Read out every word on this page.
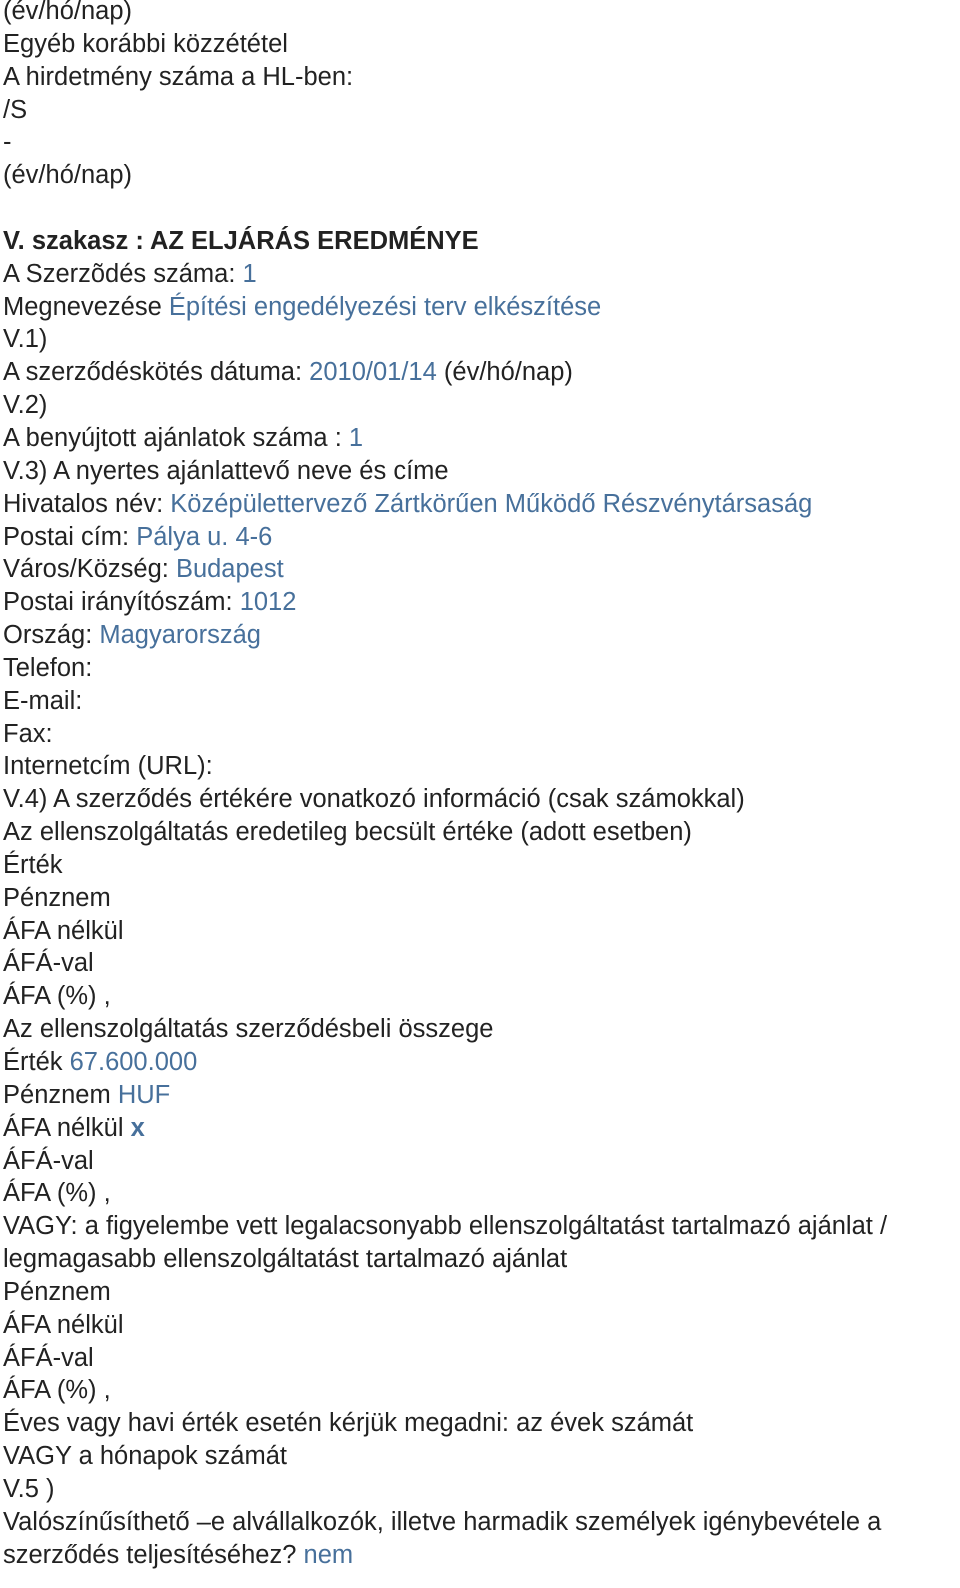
(év/hó/nap)
Egyéb korábbi közzététel
A hirdetmény száma a HL-ben:
/S
-
(év/hó/nap)
V. szakasz : AZ ELJÁRÁS EREDMÉNYE
A Szerzõdés száma: 1
Megnevezése Építési engedélyezési terv elkészítése
V.1)
A szerződéskötés dátuma: 2010/01/14 (év/hó/nap)
V.2)
A benyújtott ajánlatok száma : 1
V.3) A nyertes ajánlattevő neve és címe
Hivatalos név: Középülettervező Zártkörűen Működő Részvénytársaság
Postai cím: Pálya u. 4-6
Város/Község: Budapest
Postai irányítószám: 1012
Ország: Magyarország
Telefon:
E-mail:
Fax:
Internetcím (URL):
V.4) A szerződés értékére vonatkozó információ (csak számokkal)
Az ellenszolgáltatás eredetileg becsült értéke (adott esetben)
Érték
Pénznem
ÁFA nélkül
ÁFÁ-val
ÁFA (%) ,
Az ellenszolgáltatás szerződésbeli összege
Érték 67.600.000
Pénznem HUF
ÁFA nélkül x
ÁFÁ-val
ÁFA (%) ,
VAGY: a figyelembe vett legalacsonyabb ellenszolgáltatást tartalmazó ajánlat / legmagasabb ellenszolgáltatást tartalmazó ajánlat
Pénznem
ÁFA nélkül
ÁFÁ-val
ÁFA (%) ,
Éves vagy havi érték esetén kérjük megadni: az évek számát
VAGY a hónapok számát
V.5 )
Valószínűsíthető –e alvállalkozók, illetve harmadik személyek igénybevétele a szerződés teljesítéséhez? nem
